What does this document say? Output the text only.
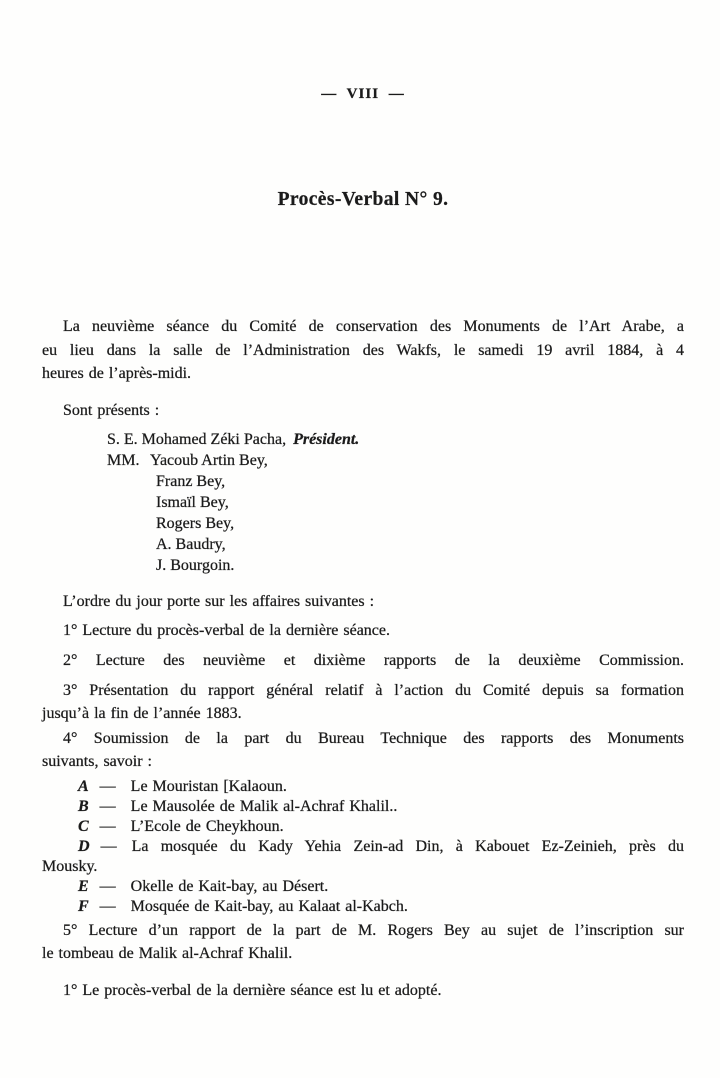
— VIII —
Procès-Verbal N° 9.
La neuvième séance du Comité de conservation des Monuments de l’Art Arabe, a
eu lieu dans la salle de l’Administration des Wakfs, le samedi 19 avril 1884, à 4
heures de l’après-midi.
Sont présents :
S. E. Mohamed Zéki Pacha, Président.
MM. Yacoub Artin Bey,
Franz Bey,
Ismaïl Bey,
Rogers Bey,
A. Baudry,
J. Bourgoin.
L’ordre du jour porte sur les affaires suivantes :
1° Lecture du procès-verbal de la dernière séance.
2° Lecture des neuvième et dixième rapports de la deuxième Commission.
3° Présentation du rapport général relatif à l’action du Comité depuis sa formation
jusqu’à la fin de l’année 1883.
4° Soumission de la part du Bureau Technique des rapports des Monuments
suivants, savoir :
A — Le Mouristan [Kalaoun.
B — Le Mausolée de Malik al-Achraf Khalil..
C — L’Ecole de Cheykhoun.
D — La mosquée du Kady Yehia Zein-ad Din, à Kabouet Ez-Zeinieh, près du
Mousky.
E — Okelle de Kait-bay, au Désert.
F — Mosquée de Kait-bay, au Kalaat al-Kabch.
5° Lecture d’un rapport de la part de M. Rogers Bey au sujet de l’inscription sur
le tombeau de Malik al-Achraf Khalil.
1° Le procès-verbal de la dernière séance est lu et adopté.
